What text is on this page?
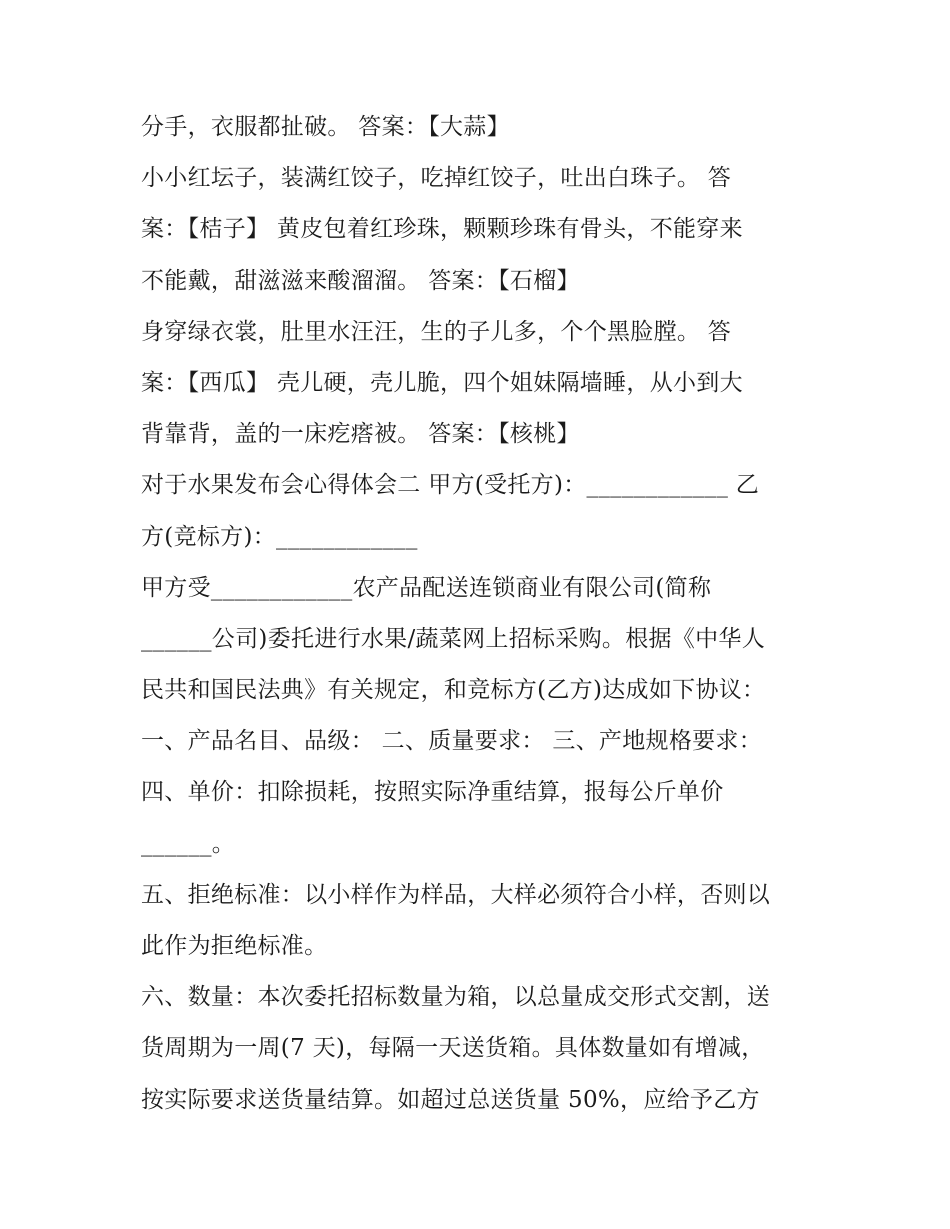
分手，衣服都扯破。 答案：【大蒜】
小小红坛子，装满红饺子，吃掉红饺子，吐出白珠子。 答
案：【桔子】 黄皮包着红珍珠，颗颗珍珠有骨头，不能穿来
不能戴，甜滋滋来酸溜溜。 答案：【石榴】
身穿绿衣裳，肚里水汪汪，生的子儿多，个个黑脸膛。 答
案：【西瓜】 壳儿硬，壳儿脆，四个姐妹隔墙睡，从小到大
背靠背，盖的一床疙瘩被。 答案：【核桃】
对于水果发布会心得体会二 甲方(受托方)：____________ 乙
方(竞标方)：____________
甲方受____________农产品配送连锁商业有限公司(简称
______公司)委托进行水果/蔬菜网上招标采购。根据《中华人
民共和国民法典》有关规定，和竞标方(乙方)达成如下协议：
一、产品名目、品级： 二、质量要求： 三、产地规格要求：
四、单价：扣除损耗，按照实际净重结算，报每公斤单价
______。
五、拒绝标准：以小样作为样品，大样必须符合小样，否则以
此作为拒绝标准。
六、数量：本次委托招标数量为箱，以总量成交形式交割，送
货周期为一周(7 天)，每隔一天送货箱。具体数量如有增减，
按实际要求送货量结算。如超过总送货量 50%，应给予乙方
